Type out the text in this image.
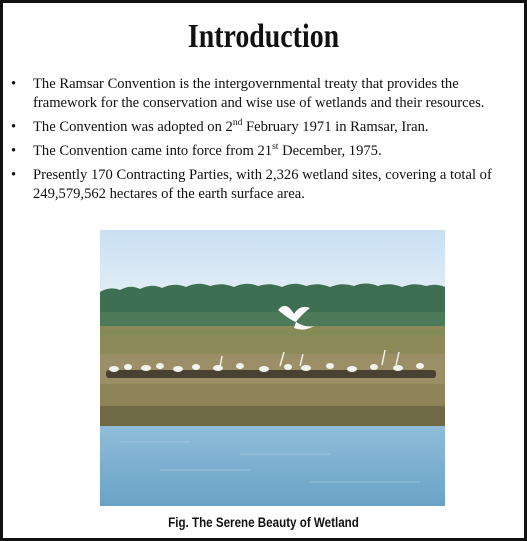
Introduction
• The Ramsar Convention is the intergovernmental treaty that provides the framework for the conservation and wise use of wetlands and their resources.
• The Convention was adopted on 2nd February 1971 in Ramsar, Iran.
• The Convention came into force from 21st December, 1975.
• Presently 170 Contracting Parties, with 2,326 wetland sites, covering a total of 249,579,562 hectares of the earth surface area.
Fig. The Serene Beauty of Wetland
